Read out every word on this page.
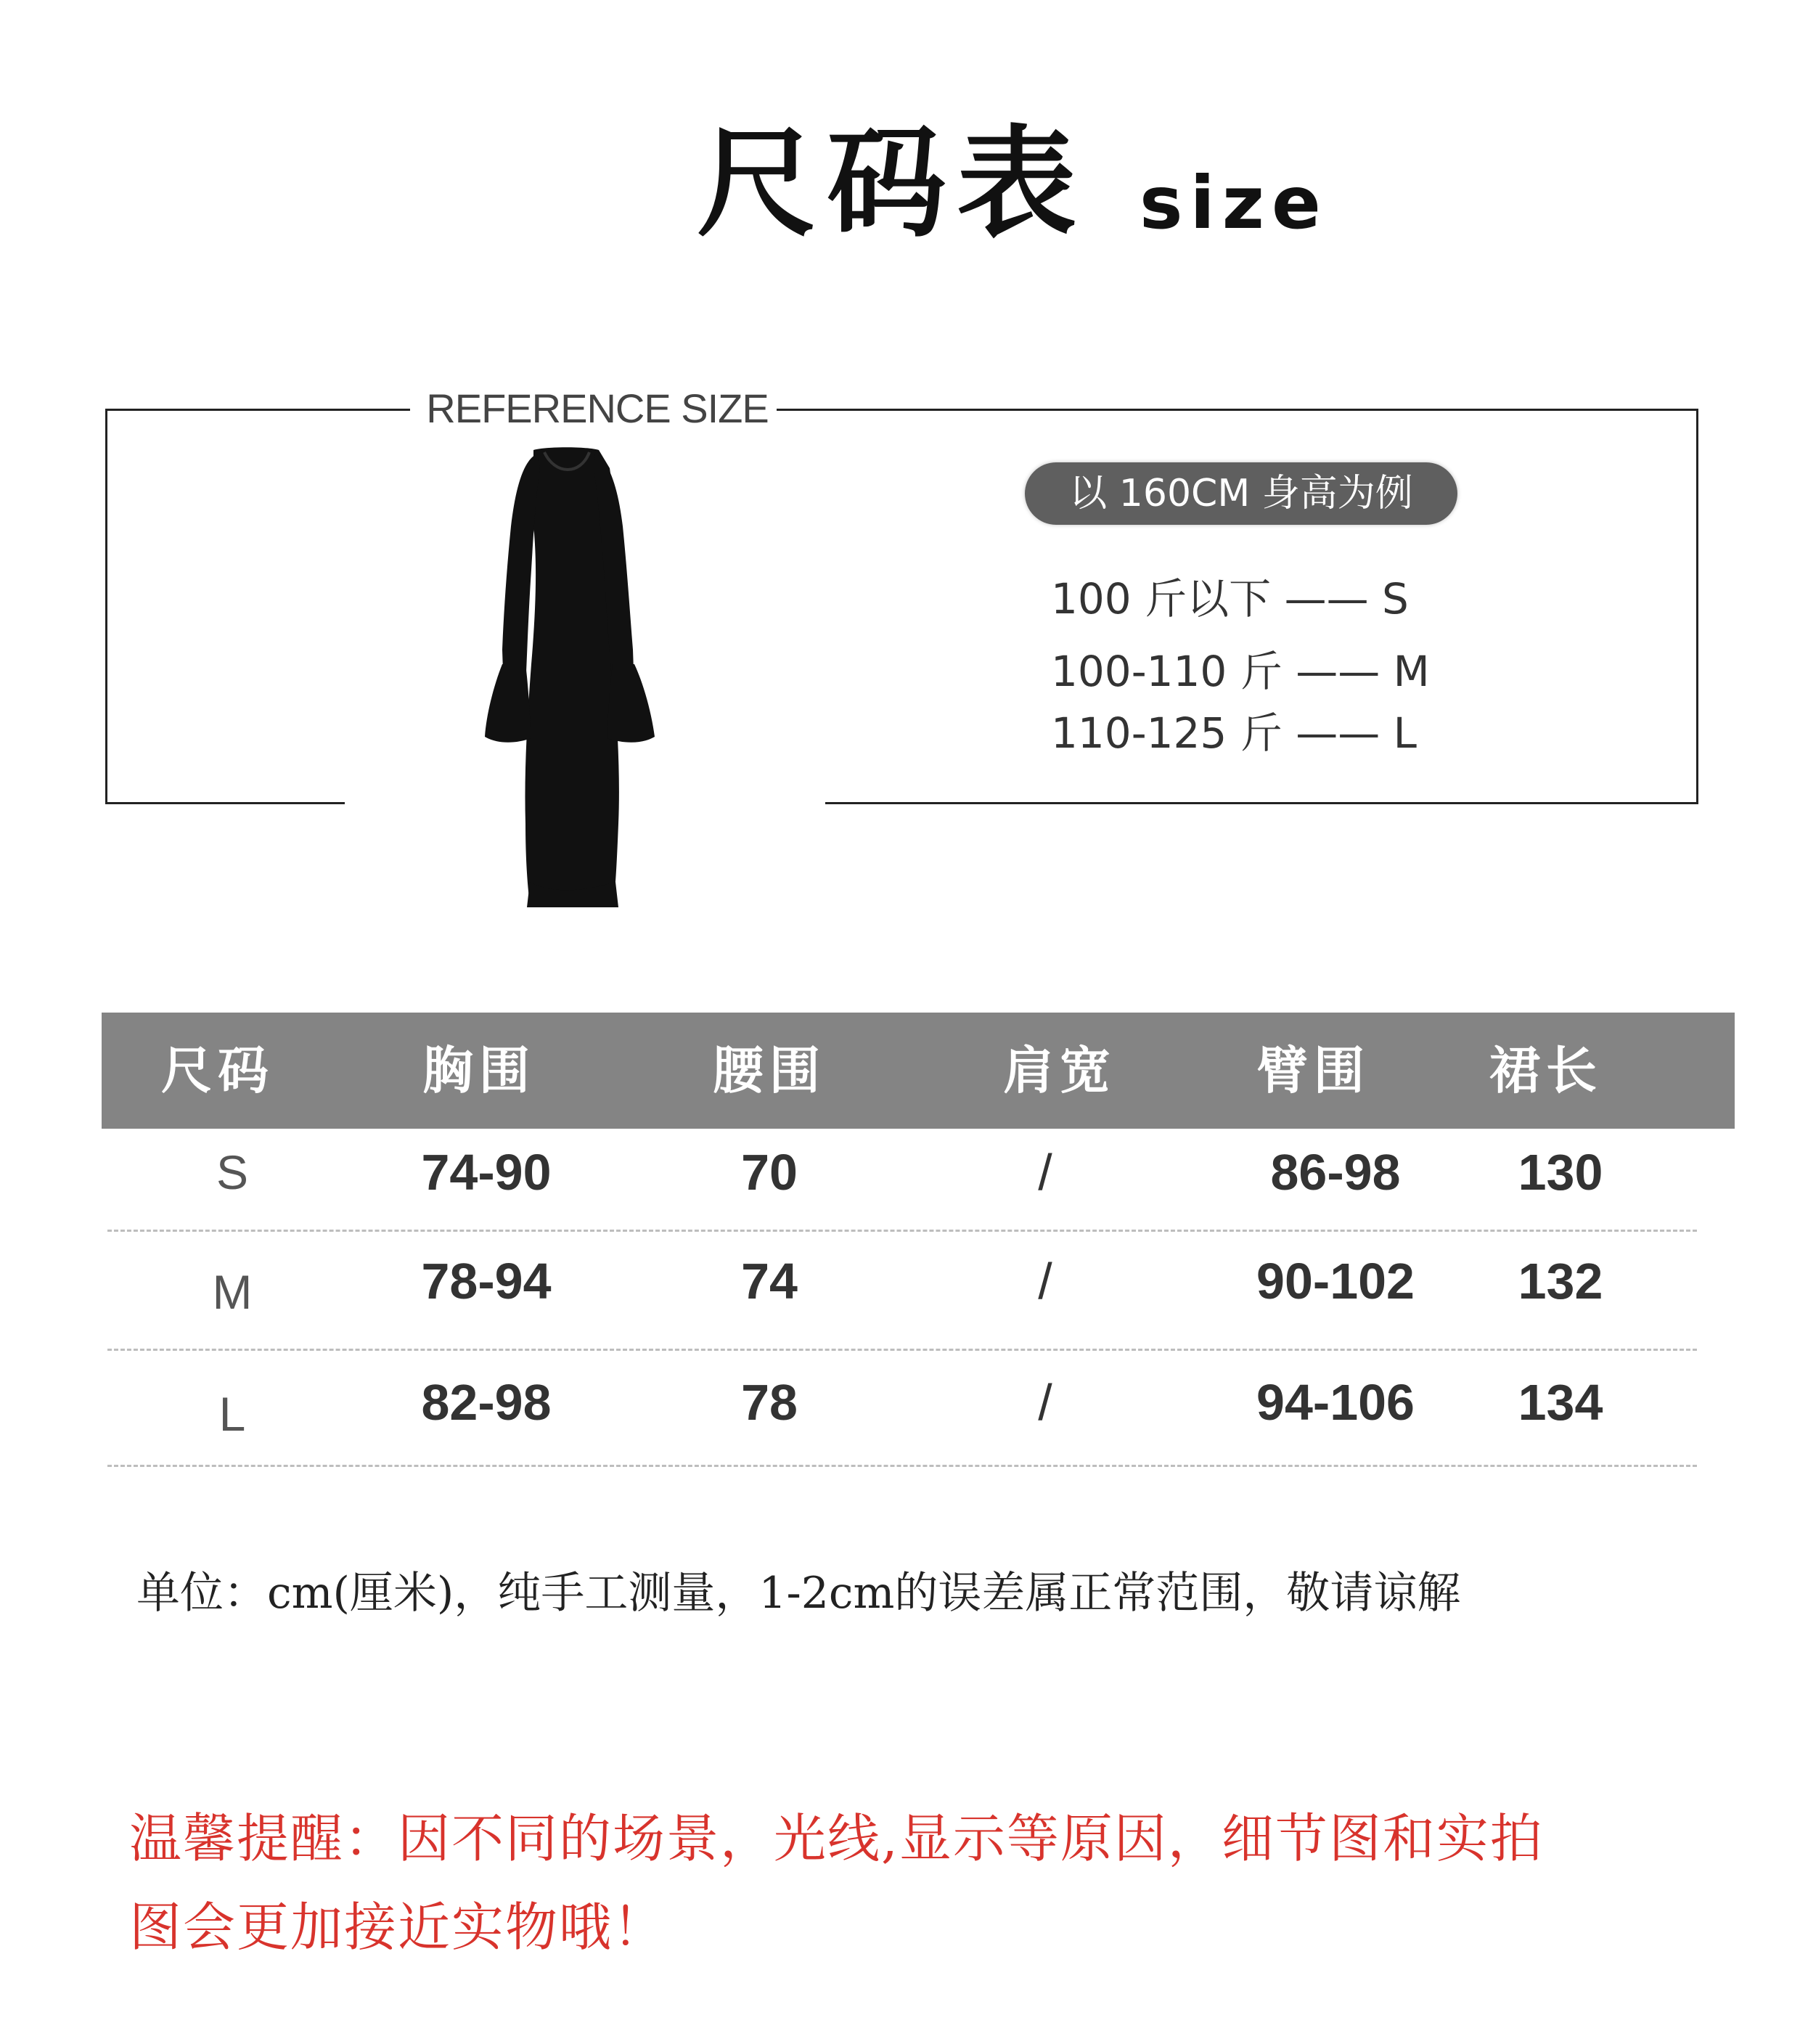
尺码表 size
REFERENCE SIZE
以 160CM 身高为例
100 斤以下 —— S
100-110 斤 —— M
110-125 斤 —— L
尺码	胸围	腰围	肩宽	臂围	裙长
S	74-90	70	/	86-98	130
M	78-94	74	/	90-102	132
L	82-98	78	/	94-106	134
单位：cm(厘米)，纯手工测量，1-2cm的误差属正常范围，敬请谅解
温馨提醒：因不同的场景，光线,显示等原因，细节图和实拍
图会更加接近实物哦！
